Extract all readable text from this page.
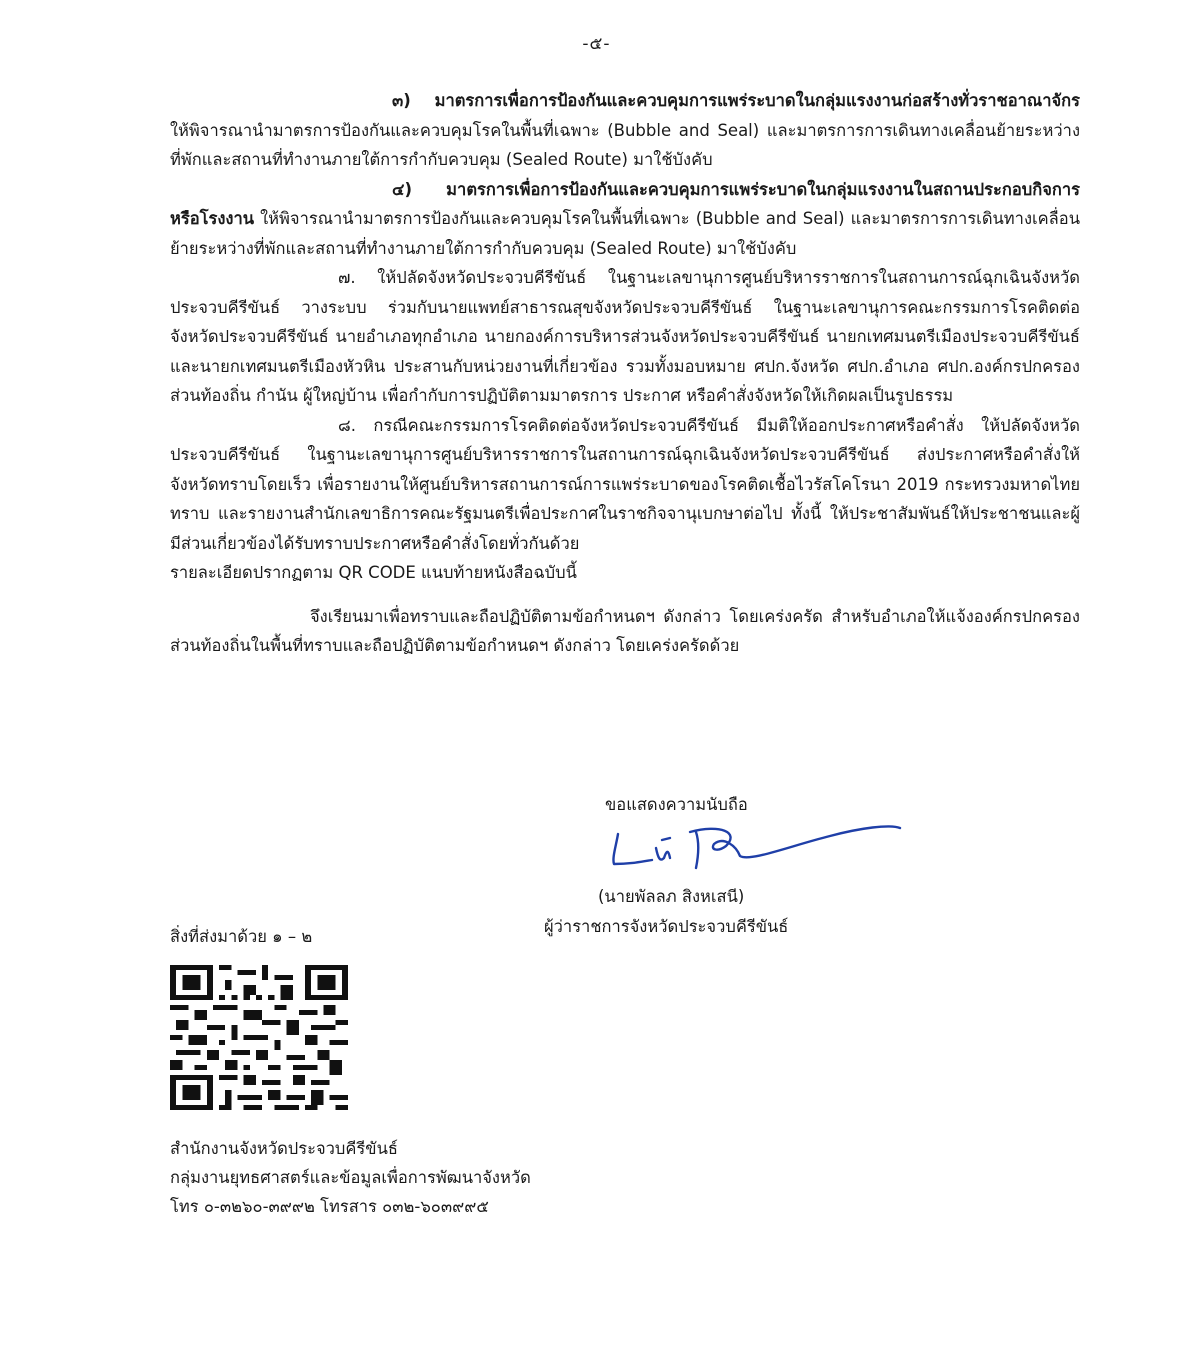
-๕-

๓) มาตรการเพื่อการป้องกันและควบคุมการแพร่ระบาดในกลุ่มแรงงานก่อสร้างทั่วราชอาณาจักร ให้พิจารณานำมาตรการป้องกันและควบคุมโรคในพื้นที่เฉพาะ (Bubble and Seal) และมาตรการการเดินทางเคลื่อนย้ายระหว่างที่พักและสถานที่ทำงานภายใต้การกำกับควบคุม (Sealed Route) มาใช้บังคับ

๔) มาตรการเพื่อการป้องกันและควบคุมการแพร่ระบาดในกลุ่มแรงงานในสถานประกอบกิจการหรือโรงงาน ให้พิจารณานำมาตรการป้องกันและควบคุมโรคในพื้นที่เฉพาะ (Bubble and Seal) และมาตรการการเดินทางเคลื่อนย้ายระหว่างที่พักและสถานที่ทำงานภายใต้การกำกับควบคุม (Sealed Route) มาใช้บังคับ

๗. ให้ปลัดจังหวัดประจวบคีรีขันธ์ ในฐานะเลขานุการศูนย์บริหารราชการในสถานการณ์ฉุกเฉินจังหวัดประจวบคีรีขันธ์ วางระบบ ร่วมกับนายแพทย์สาธารณสุขจังหวัดประจวบคีรีขันธ์ ในฐานะเลขานุการคณะกรรมการโรคติดต่อจังหวัดประจวบคีรีขันธ์ นายอำเภอทุกอำเภอ นายกองค์การบริหารส่วนจังหวัดประจวบคีรีขันธ์ นายกเทศมนตรีเมืองประจวบคีรีขันธ์ และนายกเทศมนตรีเมืองหัวหิน ประสานกับหน่วยงานที่เกี่ยวข้อง รวมทั้งมอบหมาย ศปก.จังหวัด ศปก.อำเภอ ศปก.องค์กรปกครองส่วนท้องถิ่น กำนัน ผู้ใหญ่บ้าน เพื่อกำกับการปฏิบัติตามมาตรการ ประกาศ หรือคำสั่งจังหวัดให้เกิดผลเป็นรูปธรรม

๘. กรณีคณะกรรมการโรคติดต่อจังหวัดประจวบคีรีขันธ์ มีมติให้ออกประกาศหรือคำสั่ง ให้ปลัดจังหวัดประจวบคีรีขันธ์ ในฐานะเลขานุการศูนย์บริหารราชการในสถานการณ์ฉุกเฉินจังหวัดประจวบคีรีขันธ์ ส่งประกาศหรือคำสั่งให้จังหวัดทราบโดยเร็ว เพื่อรายงานให้ศูนย์บริหารสถานการณ์การแพร่ระบาดของโรคติดเชื้อไวรัสโคโรนา 2019 กระทรวงมหาดไทยทราบ และรายงานสำนักเลขาธิการคณะรัฐมนตรีเพื่อประกาศในราชกิจจานุเบกษาต่อไป ทั้งนี้ ให้ประชาสัมพันธ์ให้ประชาชนและผู้มีส่วนเกี่ยวข้องได้รับทราบประกาศหรือคำสั่งโดยทั่วกันด้วย

รายละเอียดปรากฏตาม QR CODE แนบท้ายหนังสือฉบับนี้

จึงเรียนมาเพื่อทราบและถือปฏิบัติตามข้อกำหนดฯ ดังกล่าว โดยเคร่งครัด สำหรับอำเภอให้แจ้งองค์กรปกครองส่วนท้องถิ่นในพื้นที่ทราบและถือปฏิบัติตามข้อกำหนดฯ ดังกล่าว โดยเคร่งครัดด้วย

ขอแสดงความนับถือ
(นายพัลลภ สิงหเสนี)
ผู้ว่าราชการจังหวัดประจวบคีรีขันธ์
สิ่งที่ส่งมาด้วย ๑ – ๒
สำนักงานจังหวัดประจวบคีรีขันธ์
กลุ่มงานยุทธศาสตร์และข้อมูลเพื่อการพัฒนาจังหวัด
โทร ๐-๓๒๖๐-๓๙๙๒ โทรสาร ๐๓๒-๖๐๓๙๙๕
